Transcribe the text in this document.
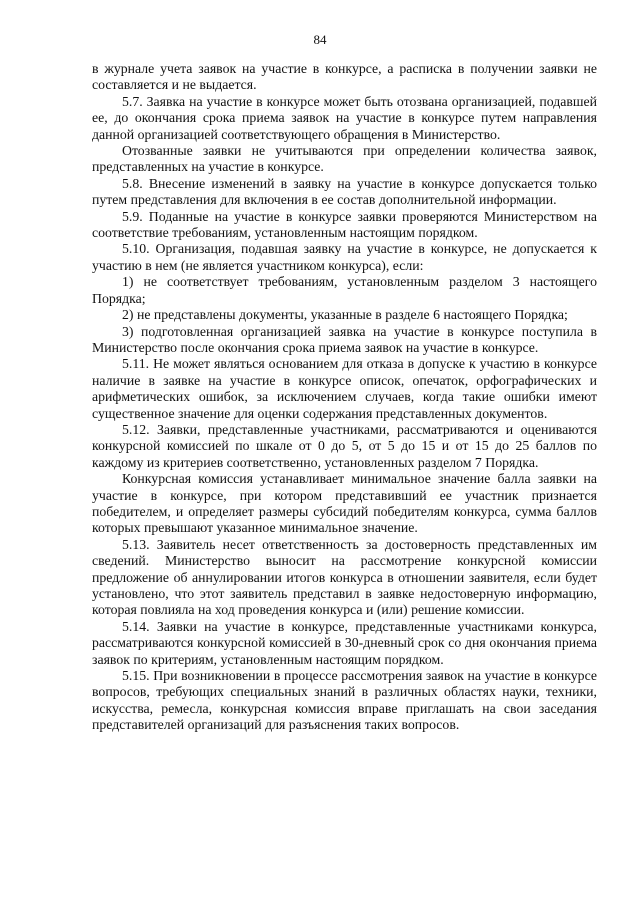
84

в журнале учета заявок на участие в конкурсе, а расписка в получении заявки не составляется и не выдается.

5.7. Заявка на участие в конкурсе может быть отозвана организацией, подавшей ее, до окончания срока приема заявок на участие в конкурсе путем направления данной организацией соответствующего обращения в Министерство.

Отозванные заявки не учитываются при определении количества заявок, представленных на участие в конкурсе.

5.8. Внесение изменений в заявку на участие в конкурсе допускается только путем представления для включения в ее состав дополнительной информации.

5.9. Поданные на участие в конкурсе заявки проверяются Министерством на соответствие требованиям, установленным настоящим порядком.

5.10. Организация, подавшая заявку на участие в конкурсе, не допускается к участию в нем (не является участником конкурса), если:

1) не соответствует требованиям, установленным разделом 3 настоящего Порядка;

2) не представлены документы, указанные в разделе 6 настоящего Порядка;

3) подготовленная организацией заявка на участие в конкурсе поступила в Министерство после окончания срока приема заявок на участие в конкурсе.

5.11. Не может являться основанием для отказа в допуске к участию в конкурсе наличие в заявке на участие в конкурсе описок, опечаток, орфографических и арифметических ошибок, за исключением случаев, когда такие ошибки имеют существенное значение для оценки содержания представленных документов.

5.12. Заявки, представленные участниками, рассматриваются и оцениваются конкурсной комиссией по шкале от 0 до 5, от 5 до 15 и от 15 до 25 баллов по каждому из критериев соответственно, установленных разделом 7 Порядка.

Конкурсная комиссия устанавливает минимальное значение балла заявки на участие в конкурсе, при котором представивший ее участник признается победителем, и определяет размеры субсидий победителям конкурса, сумма баллов которых превышают указанное минимальное значение.

5.13. Заявитель несет ответственность за достоверность представленных им сведений. Министерство выносит на рассмотрение конкурсной комиссии предложение об аннулировании итогов конкурса в отношении заявителя, если будет установлено, что этот заявитель представил в заявке недостоверную информацию, которая повлияла на ход проведения конкурса и (или) решение комиссии.

5.14. Заявки на участие в конкурсе, представленные участниками конкурса, рассматриваются конкурсной комиссией в 30-дневный срок со дня окончания приема заявок по критериям, установленным настоящим порядком.

5.15. При возникновении в процессе рассмотрения заявок на участие в конкурсе вопросов, требующих специальных знаний в различных областях науки, техники, искусства, ремесла, конкурсная комиссия вправе приглашать на свои заседания представителей организаций для разъяснения таких вопросов.
